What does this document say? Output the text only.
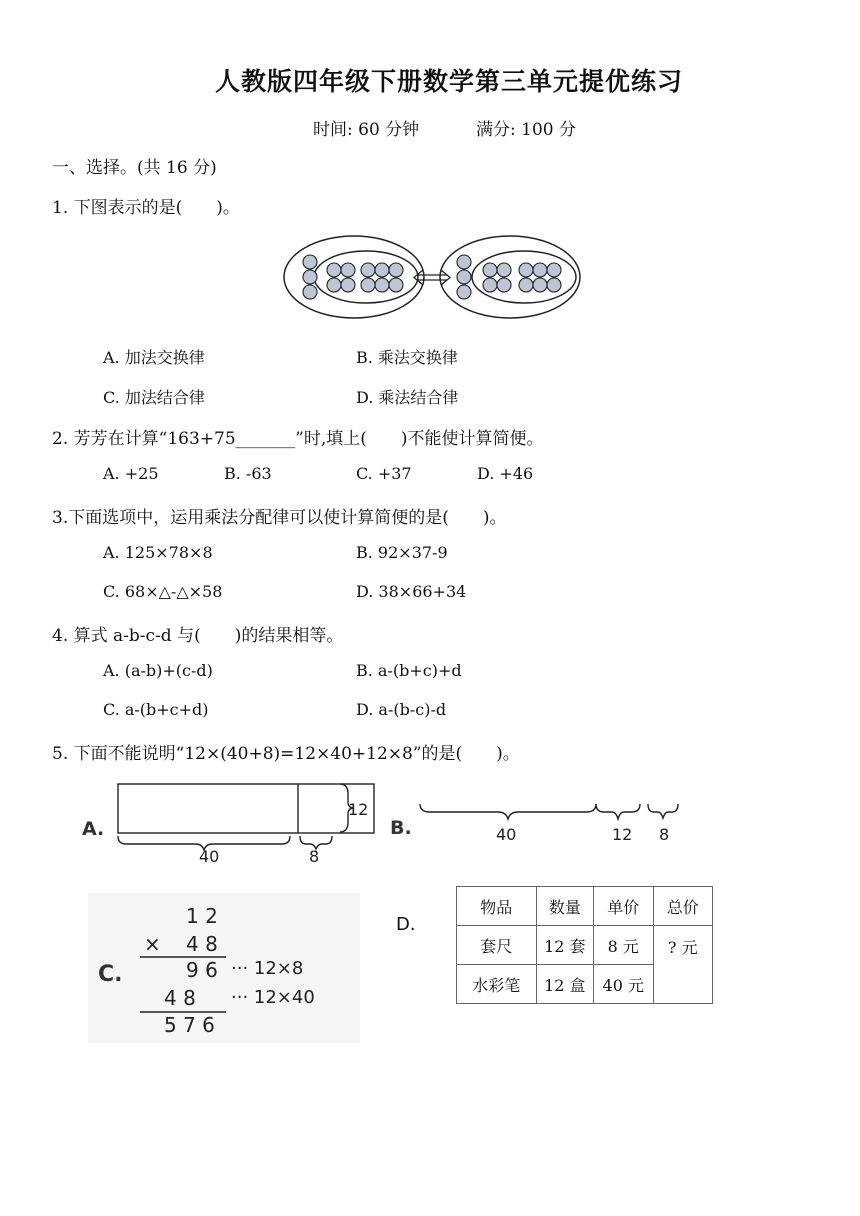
人教版四年级下册数学第三单元提优练习
时间: 60 分钟	满分: 100 分
一、选择。(共 16 分)
1. 下图表示的是(　　)。
A. 加法交换律	B. 乘法交换律
C. 加法结合律	D. 乘法结合律
2. 芳芳在计算“163+75_______”时,填上(　　)不能使计算简便。
A. +25	B. -63	C. +37	D. +46
3.下面选项中，运用乘法分配律可以使计算简便的是(　　)。
A. 125×78×8	B. 92×37-9
C. 68×△-△×58	D. 38×66+34
4. 算式 a-b-c-d 与(　　)的结果相等。
A. (a-b)+(c-d)	B. a-(b+c)+d
C. a-(b+c+d)	D. a-(b-c)-d
5. 下面不能说明“12×(40+8)=12×40+12×8”的是(　　)。
A.
12
40	8
B.	40	12 8
C.
1 2
× 4 8
9 6
4 8
5 7 6
··· 12×8
··· 12×40
D.
物品	数量	单价	总价
套尺	12 套	8 元	? 元
水彩笔	12 盒	40 元	
